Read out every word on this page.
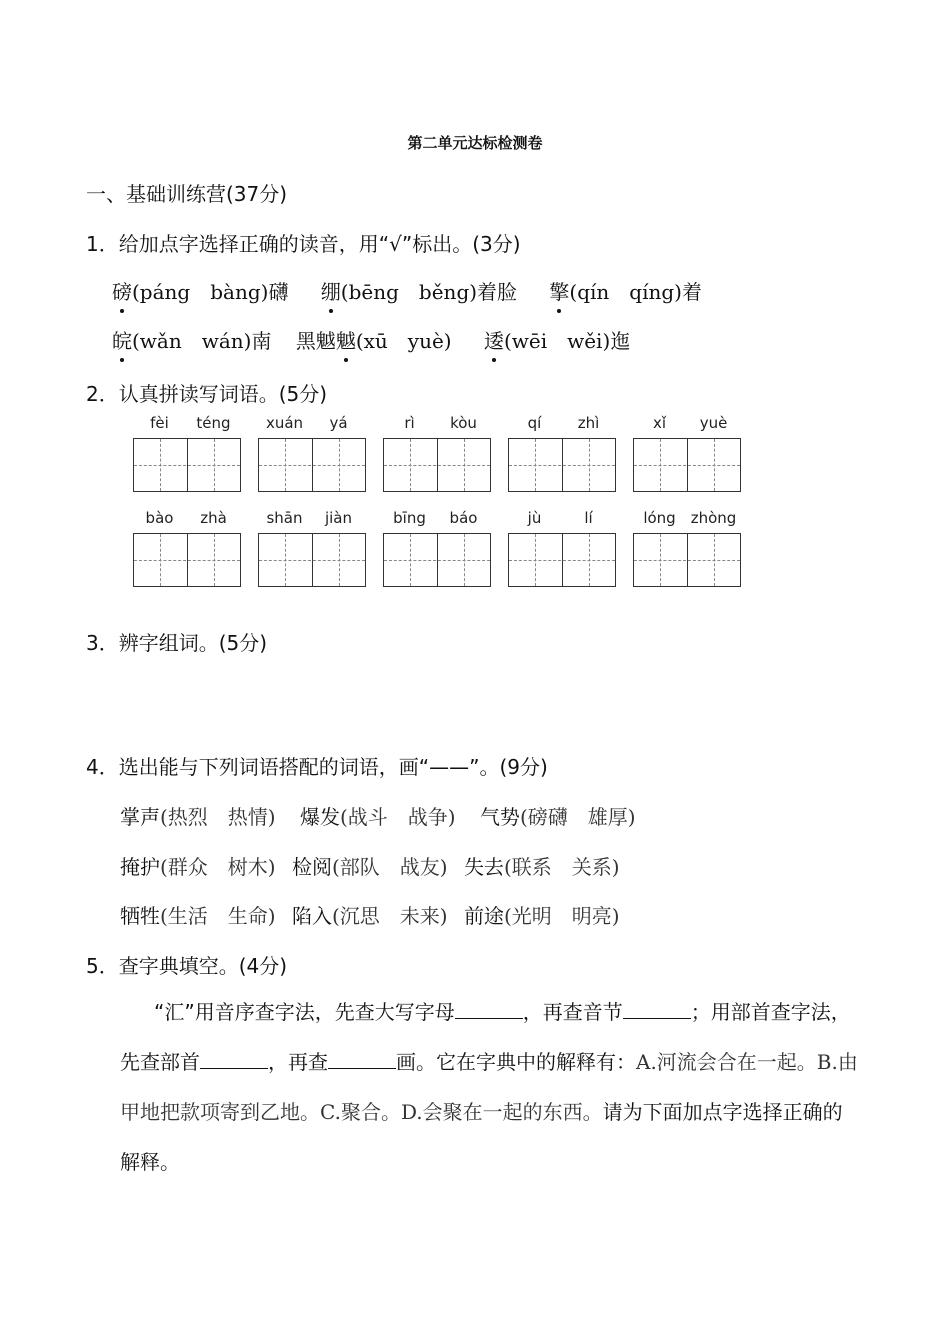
第二单元达标检测卷
一、基础训练营(37分)
1．给加点字选择正确的读音，用“√”标出。(3分)
磅(páng　bàng)礴 绷(bēng　běng)着脸 擎(qín　qíng)着
皖(wǎn　wán)南 黑魆魆(xū　yuè) 逶(wēi　wěi)迤
2．认真拼读写词语。(5分)
fèi	téng	xuán	yá	rì	kòu	qí	zhì	xǐ	yuè
bào	zhà	shān	jiàn	bīng	báo	jù	lí	lóng	zhòng
3．辨字组词。(5分)
4．选出能与下列词语搭配的词语，画“——”。(9分)
掌声(热烈　热情) 爆发(战斗　战争) 气势(磅礴　雄厚)
掩护(群众　树木) 检阅(部队　战友) 失去(联系　关系)
牺牲(生活　生命) 陷入(沉思　未来) 前途(光明　明亮)
5．查字典填空。(4分)
“汇”用音序查字法，先查大写字母	，再查音节	；用部首查字法，先查部首	，再查	画。它在字典中的解释有：A.河流会合在一起。B.由甲地把款项寄到乙地。C.聚合。D.会聚在一起的东西。请为下面加点字选择正确的解释。
